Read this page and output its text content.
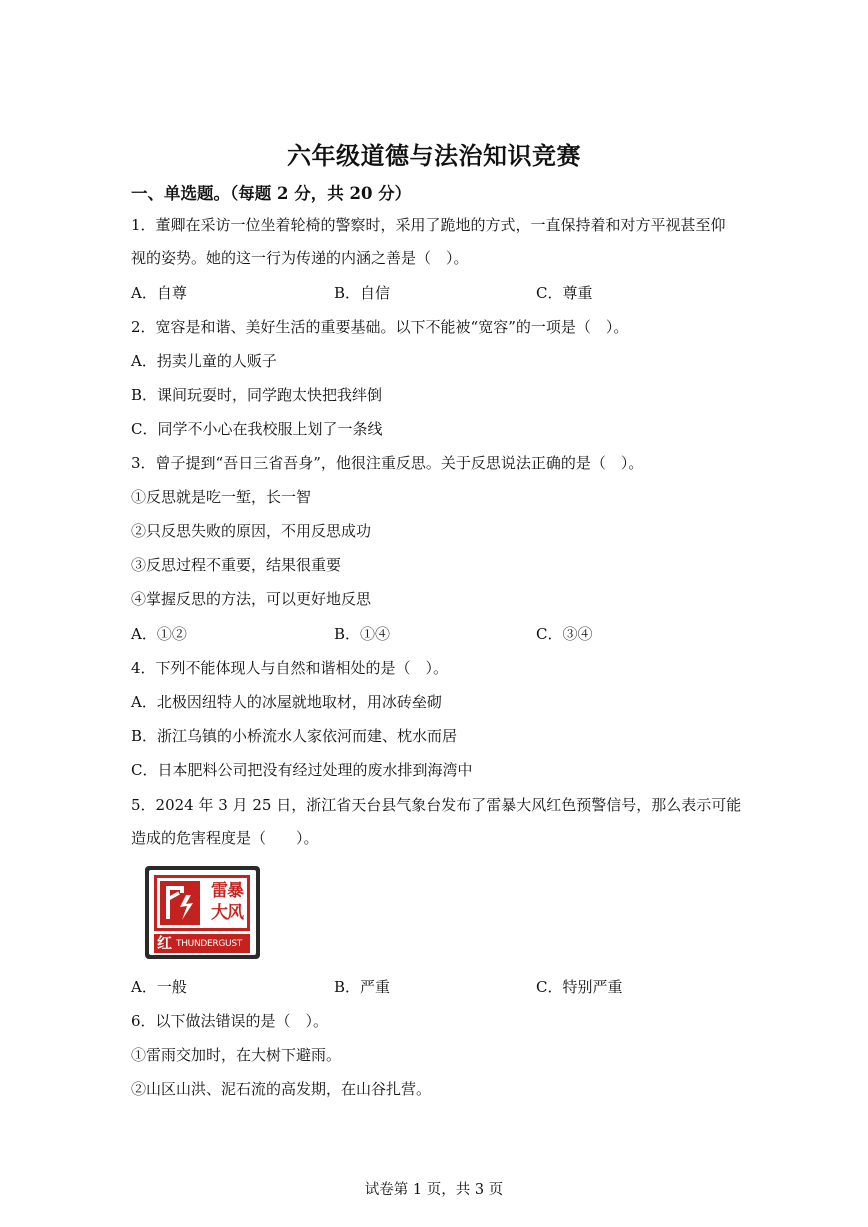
六年级道德与法治知识竞赛
一、单选题。（每题 2 分，共 20 分）
1．董卿在采访一位坐着轮椅的警察时，采用了跪地的方式，一直保持着和对方平视甚至仰
视的姿势。她的这一行为传递的内涵之善是（　）。
A．自尊	B．自信	C．尊重
2．宽容是和谐、美好生活的重要基础。以下不能被“宽容”的一项是（　）。
A．拐卖儿童的人贩子
B．课间玩耍时，同学跑太快把我绊倒
C．同学不小心在我校服上划了一条线
3．曾子提到“吾日三省吾身”，他很注重反思。关于反思说法正确的是（　）。
①反思就是吃一堑，长一智
②只反思失败的原因，不用反思成功
③反思过程不重要，结果很重要
④掌握反思的方法，可以更好地反思
A．①②	B．①④	C．③④
4．下列不能体现人与自然和谐相处的是（　）。
A．北极因纽特人的冰屋就地取材，用冰砖垒砌
B．浙江乌镇的小桥流水人家依河而建、枕水而居
C．日本肥料公司把没有经过处理的废水排到海湾中
5．2024 年 3 月 25 日，浙江省天台县气象台发布了雷暴大风红色预警信号，那么表示可能
造成的危害程度是（　　）。
雷暴大风
红 THUNDERGUST
A．一般	B．严重	C．特别严重
6．以下做法错误的是（　）。
①雷雨交加时，在大树下避雨。
②山区山洪、泥石流的高发期，在山谷扎营。
试卷第 1 页，共 3 页
